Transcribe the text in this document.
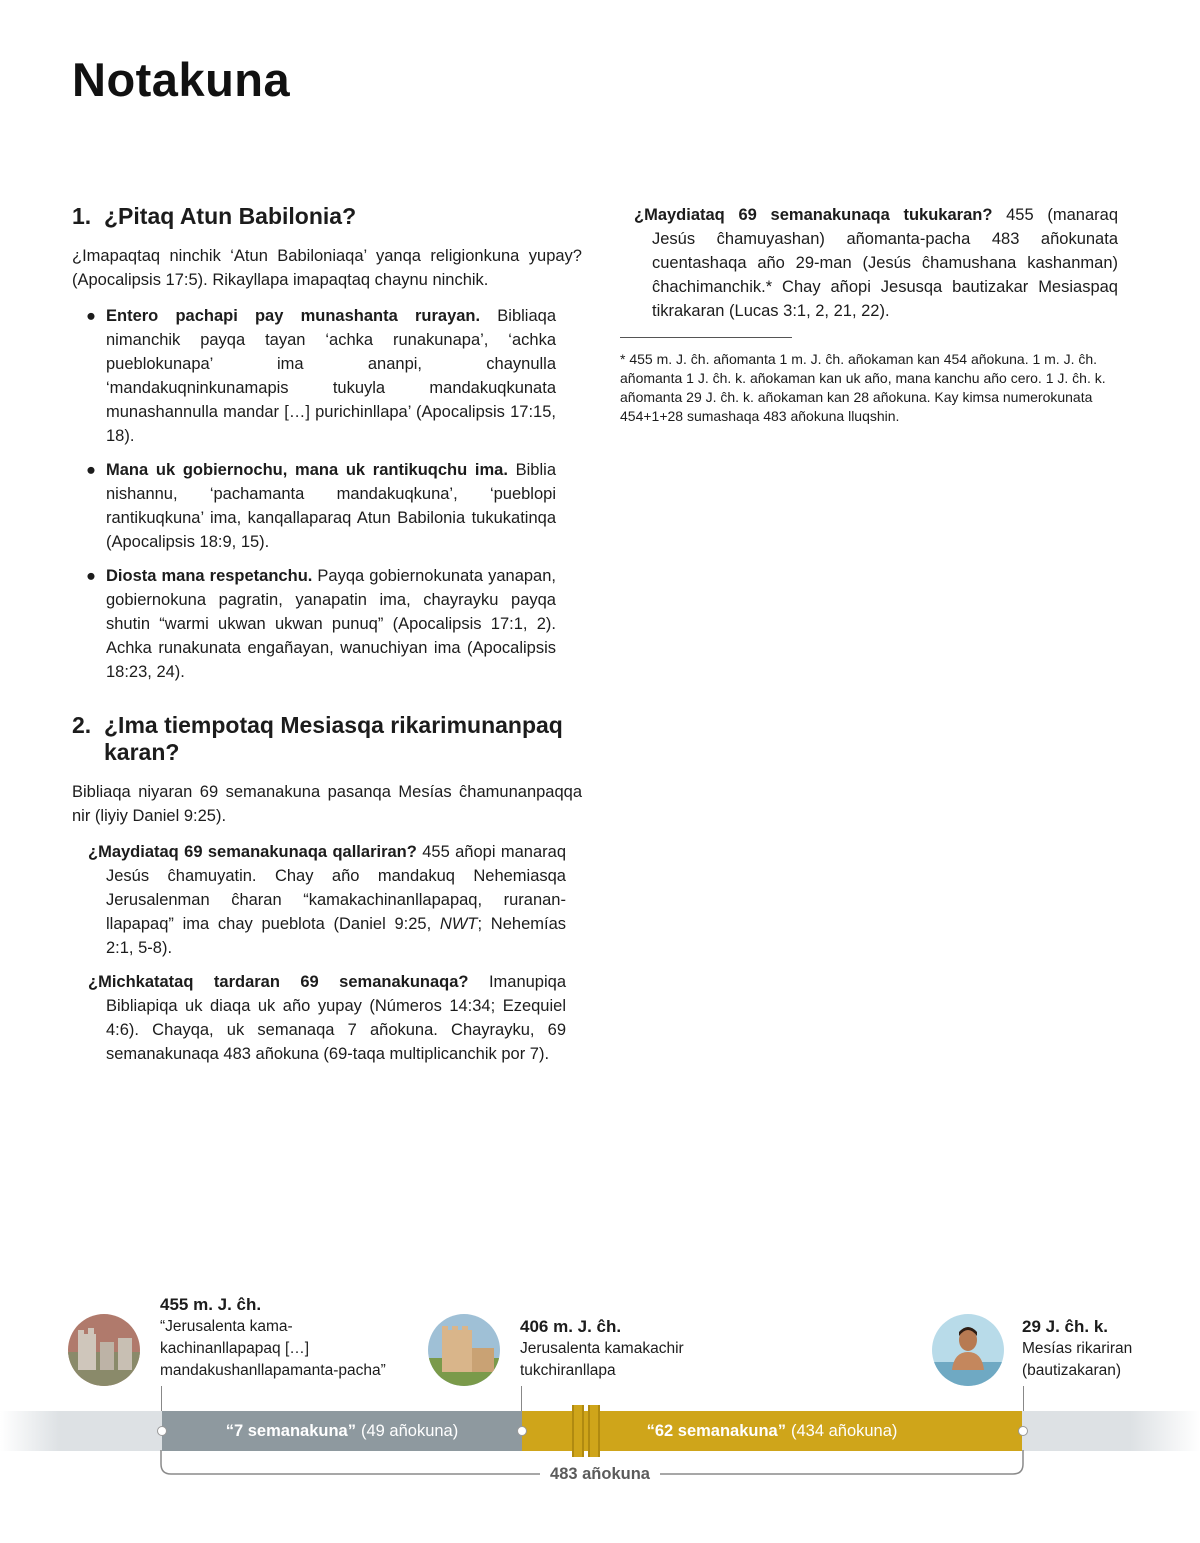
Notakuna
1. ¿Pitaq Atun Babilonia?

¿Imapaqtaq ninchik ‘Atun Babiloniaqa’ yanqa religionkuna yupay? (Apocalipsis 17:5). Rikayllapa imapaqtaq chaynu ninchik.

● Entero pachapi pay munashanta rurayan. Bibliaqa nimanchik payqa tayan ‘achka runakunapa’, ‘achka pueblokunapa’ ima ananpi, chaynulla ‘mandakuqninkunamapis tukuyla mandakuqkunata munashannulla mandar […] purichinllapa’ (Apocalipsis 17:15, 18).
● Mana uk gobiernochu, mana uk rantikuqchu ima. Biblia nishannu, ‘pachamanta mandakuqkuna’, ‘pueblopi rantikuqkuna’ ima, kanqallaparaq Atun Babilonia tukukatinqa (Apocalipsis 18:9, 15).
● Diosta mana respetanchu. Payqa gobiernokunata yanapan, gobiernokuna pagratin, yanapatin ima, chayrayku payqa shutin “warmi ukwan ukwan punuq” (Apocalipsis 17:1, 2). Achka runakunata engañayan, wanuchiyan ima (Apocalipsis 18:23, 24).
2. ¿Ima tiempotaq Mesiasqa rikarimunanpaq karan?

Bibliaqa niyaran 69 semanakuna pasanqa Mesías ĉhamunanpaqqa nir (liyiy Daniel 9:25).

¿Maydiataq 69 semanakunaqa qallariran? 455 añopi manaraq Jesús ĉhamuyatin. Chay año mandakuq Nehemiasqa Jerusalenman ĉharan “kamakachinanllapapaq, rurananllapapaq” ima chay pueblota (Daniel 9:25, NWT; Nehemías 2:1, 5-8).

¿Michkatataq tardaran 69 semanakunaqa? Imanupiqa Bibliapiqa uk diaqa uk año yupay (Números 14:34; Ezequiel 4:6). Chayqa, uk semanaqa 7 añokuna. Chayrayku, 69 semanakunaqa 483 añokuna (69-taqa multiplicanchik por 7).

¿Maydiataq 69 semanakunaqa tukukaran? 455 (manaraq Jesús ĉhamuyashan) añomanta-pacha 483 añokunata cuentashaqa año 29-man (Jesús ĉhamushana kashanman) ĉhachimanchik.* Chay añopi Jesusqa bautizakar Mesiaspaq tikrakaran (Lucas 3:1, 2, 21, 22).

* 455 m. J. ĉh. añomanta 1 m. J. ĉh. añokaman kan 454 añokuna. 1 m. J. ĉh. añomanta 1 J. ĉh. k. añokaman kan uk año, mana kanchu año cero. 1 J. ĉh. k. añomanta 29 J. ĉh. k. añokaman kan 28 añokuna. Kay kimsa numerokunata 454+1+28 sumashaqa 483 añokuna lluqshin.

455 m. J. ĉh.
“Jerusalenta kama-
kachinanllapapaq […]
mandakushanllapamanta-pacha”
406 m. J. ĉh.
Jerusalenta kamakachir
tukchiranllapa
29 J. ĉh. k.
Mesías rikariran
(bautizakaran)
“7 semanakuna” (49 añokuna)	“62 semanakuna” (434 añokuna)
483 añokuna
